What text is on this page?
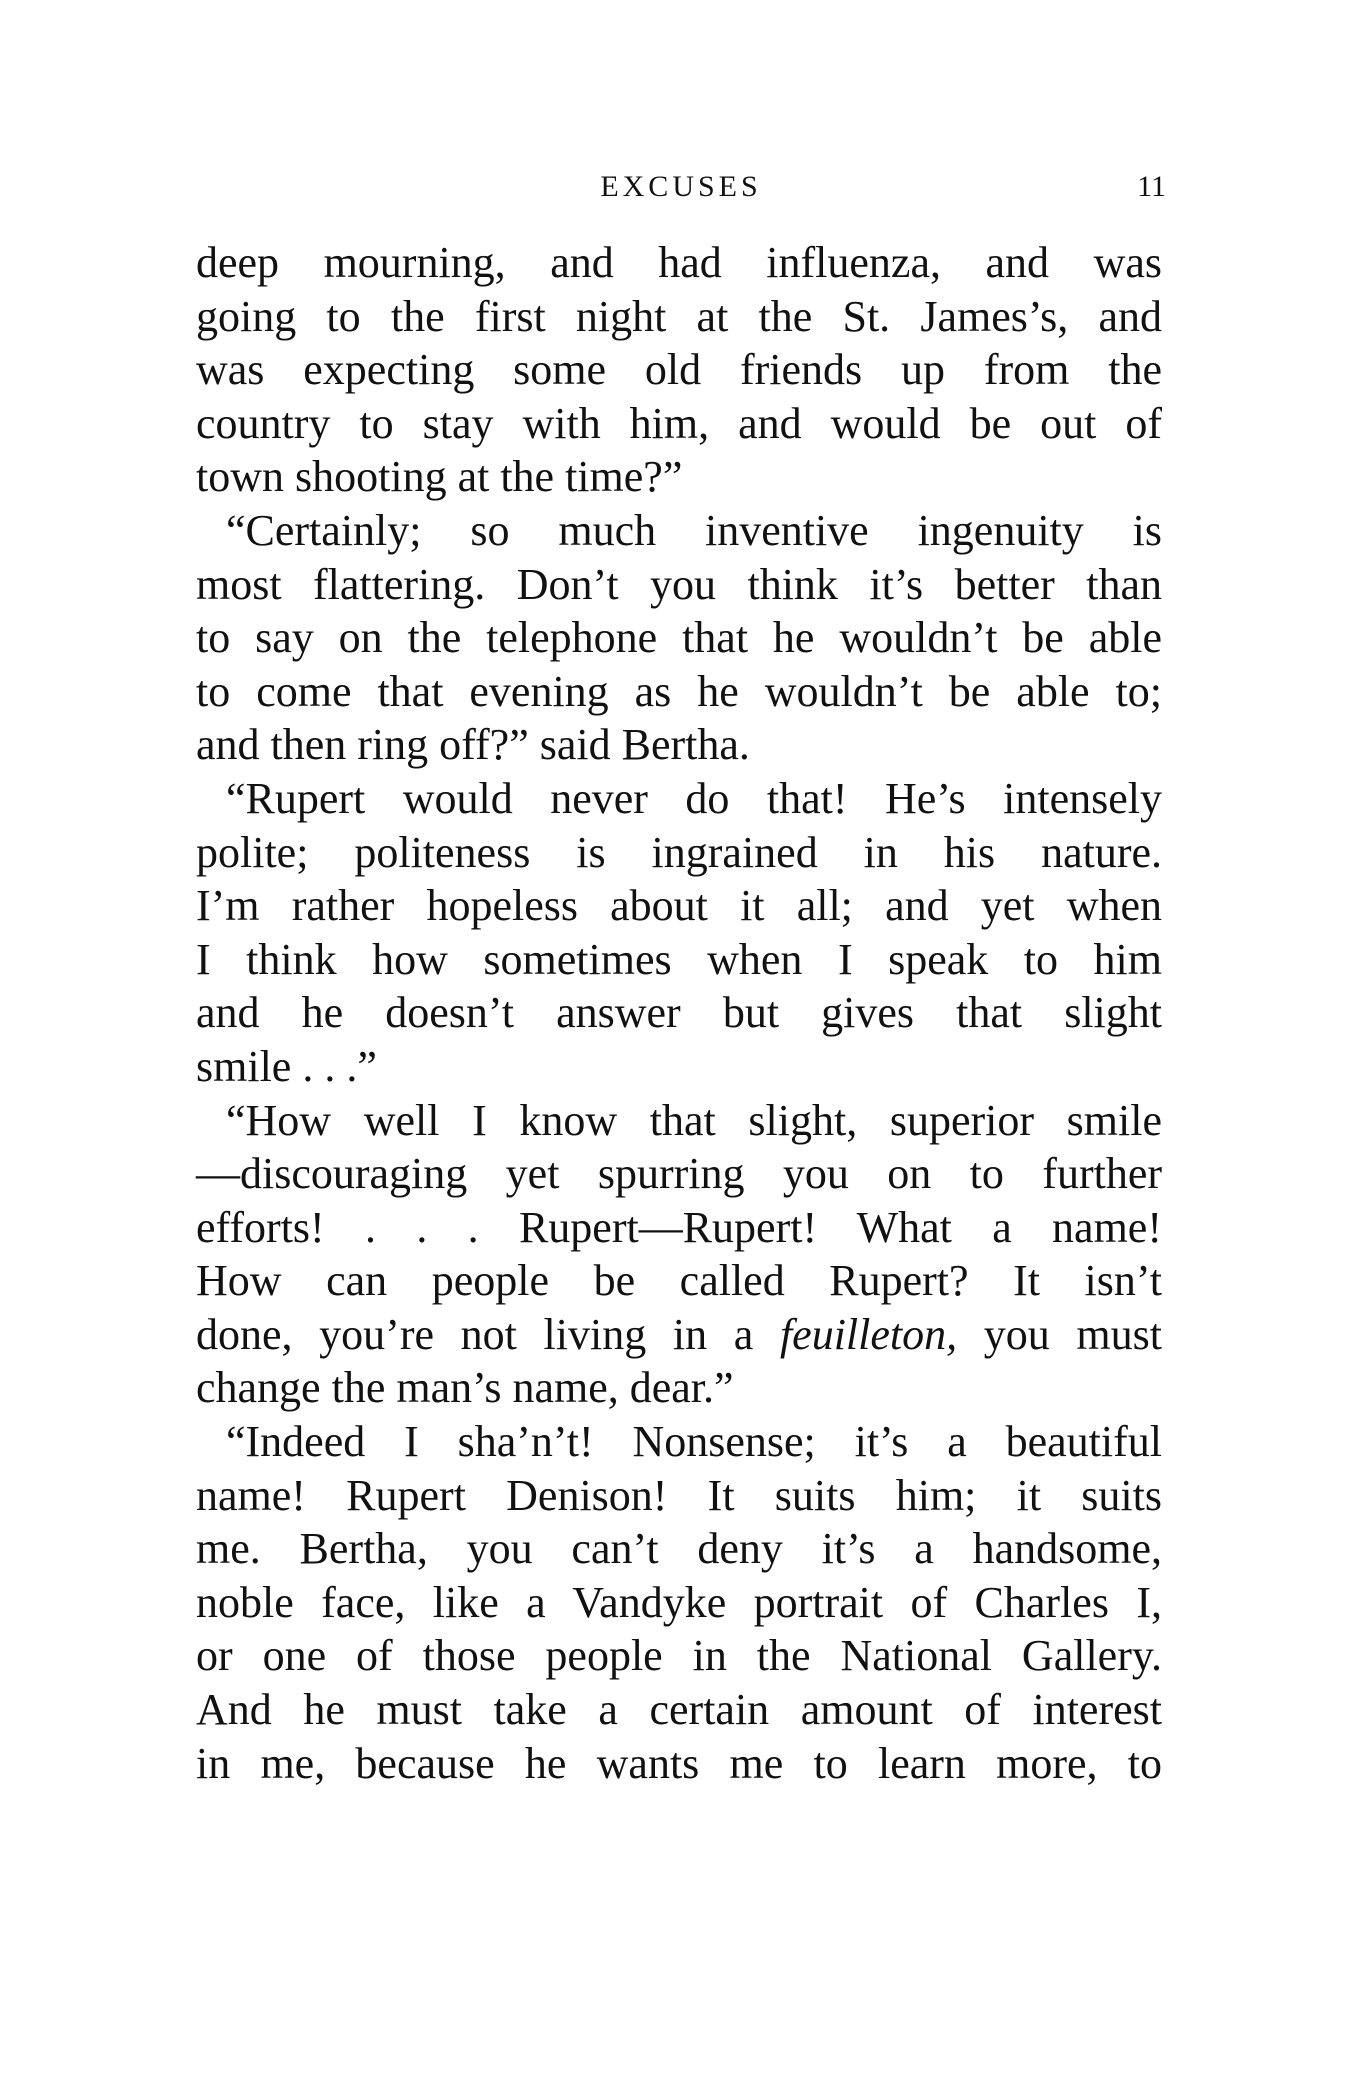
EXCUSES	11
deep mourning, and had influenza, and was
going to the first night at the St. James’s, and
was expecting some old friends up from the
country to stay with him, and would be out of
town shooting at the time?”
“Certainly; so much inventive ingenuity is
most flattering. Don’t you think it’s better than
to say on the telephone that he wouldn’t be able
to come that evening as he wouldn’t be able to;
and then ring off?” said Bertha.
“Rupert would never do that! He’s intensely
polite; politeness is ingrained in his nature.
I’m rather hopeless about it all; and yet when
I think how sometimes when I speak to him
and he doesn’t answer but gives that slight
smile . . .”
“How well I know that slight, superior smile
—discouraging yet spurring you on to further
efforts! . . . Rupert—Rupert! What a name!
How can people be called Rupert? It isn’t
done, you’re not living in a feuilleton, you must
change the man’s name, dear.”
“Indeed I sha’n’t! Nonsense; it’s a beautiful
name! Rupert Denison! It suits him; it suits
me. Bertha, you can’t deny it’s a handsome,
noble face, like a Vandyke portrait of Charles I,
or one of those people in the National Gallery.
And he must take a certain amount of interest
in me, because he wants me to learn more, to
